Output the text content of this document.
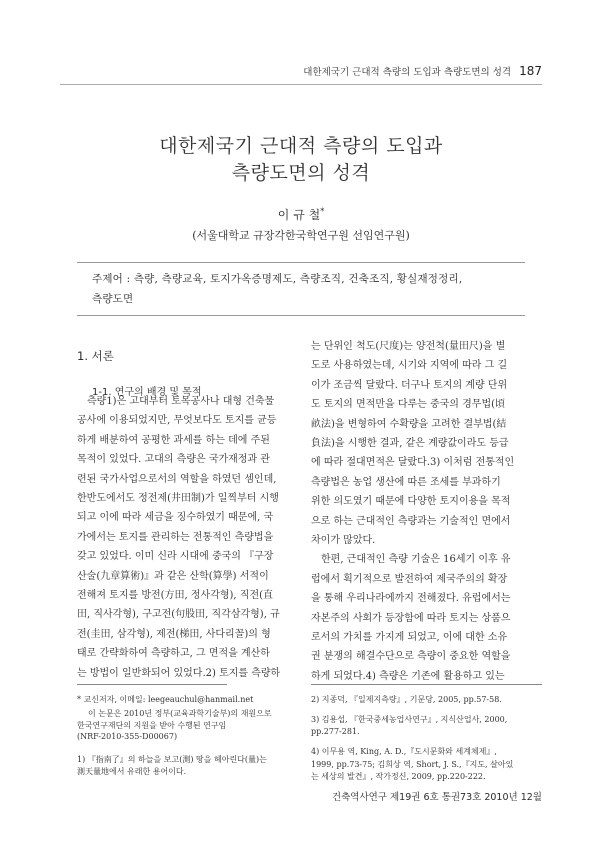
대한제국기 근대적 측량의 도입과 측량도면의 성격 187
대한제국기 근대적 측량의 도입과
측량도면의 성격
이 규 철*
(서울대학교 규장각한국학연구원 선임연구원)
주제어 : 측량, 측량교육, 토지가옥증명제도, 측량조직, 건축조직, 황실재정정리,
측량도면
1. 서론
1-1. 연구의 배경 및 목적
측량1)은 고대부터 토목공사나 대형 건축물
공사에 이용되었지만, 무엇보다도 토지를 균등
하게 배분하여 공평한 과세를 하는 데에 주된
목적이 있었다. 고대의 측량은 국가재정과 관
련된 국가사업으로서의 역할을 하였던 셈인데,
한반도에서도 정전제(井田制)가 일찍부터 시행
되고 이에 따라 세금을 징수하였기 때문에, 국
가에서는 토지를 관리하는 전통적인 측량법을
갖고 있었다. 이미 신라 시대에 중국의 『구장
산술(九章算術)』과 같은 산학(算學) 서적이
전해져 토지를 방전(方田, 정사각형), 직전(直
田, 직사각형), 구고전(句股田, 직각삼각형), 규
전(圭田, 삼각형), 제전(梯田, 사다리꼴)의 형
태로 간략화하여 측량하고, 그 면적을 계산하
는 방법이 일반화되어 있었다.2) 토지를 측량하
는 단위인 척도(尺度)는 양전척(量田尺)을 별
도로 사용하였는데, 시기와 지역에 따라 그 길
이가 조금씩 달랐다. 더구나 토지의 계량 단위
도 토지의 면적만을 다루는 중국의 경무법(頃
畝法)을 변형하여 수확량을 고려한 결부법(結
負法)을 시행한 결과, 같은 계량값이라도 등급
에 따라 절대면적은 달랐다.3) 이처럼 전통적인
측량법은 농업 생산에 따른 조세를 부과하기
위한 의도였기 때문에 다양한 토지이용을 목적
으로 하는 근대적인 측량과는 기술적인 면에서
차이가 많았다.
한편, 근대적인 측량 기술은 16세기 이후 유
럽에서 획기적으로 발전하여 제국주의의 확장
을 통해 우리나라에까지 전해졌다. 유럽에서는
자본주의 사회가 등장함에 따라 토지는 상품으
로서의 가치를 가지게 되었고, 이에 대한 소유
권 분쟁의 해결수단으로 측량이 중요한 역할을
하게 되었다.4) 측량은 기존에 활용하고 있는
* 교신저자, 이메일: leegeauchul@hanmail.net
이 논문은 2010년 정부(교육과학기술부)의 재원으로
한국연구재단의 지원을 받아 수행된 연구임
(NRF-2010-355-D00067)
1) 『指南了』의 하늘을 보고(測) 땅을 헤아린다(量)는
測天量地에서 유래한 용어이다.
2) 지종덕, 『일제지측량』, 기문당, 2005, pp.57-58.
3) 김용섭, 『한국중세농업사연구』, 지식산업사, 2000,
pp.277-281.
4) 이무용 역, King, A. D.,『도시문화와 세계체제』,
1999, pp.73-75; 김희상 역, Short, J. S.,『지도, 살아있
는 세상의 발견』, 작가정신, 2009, pp.220-222.
건축역사연구 제19권 6호 통권73호 2010년 12월
